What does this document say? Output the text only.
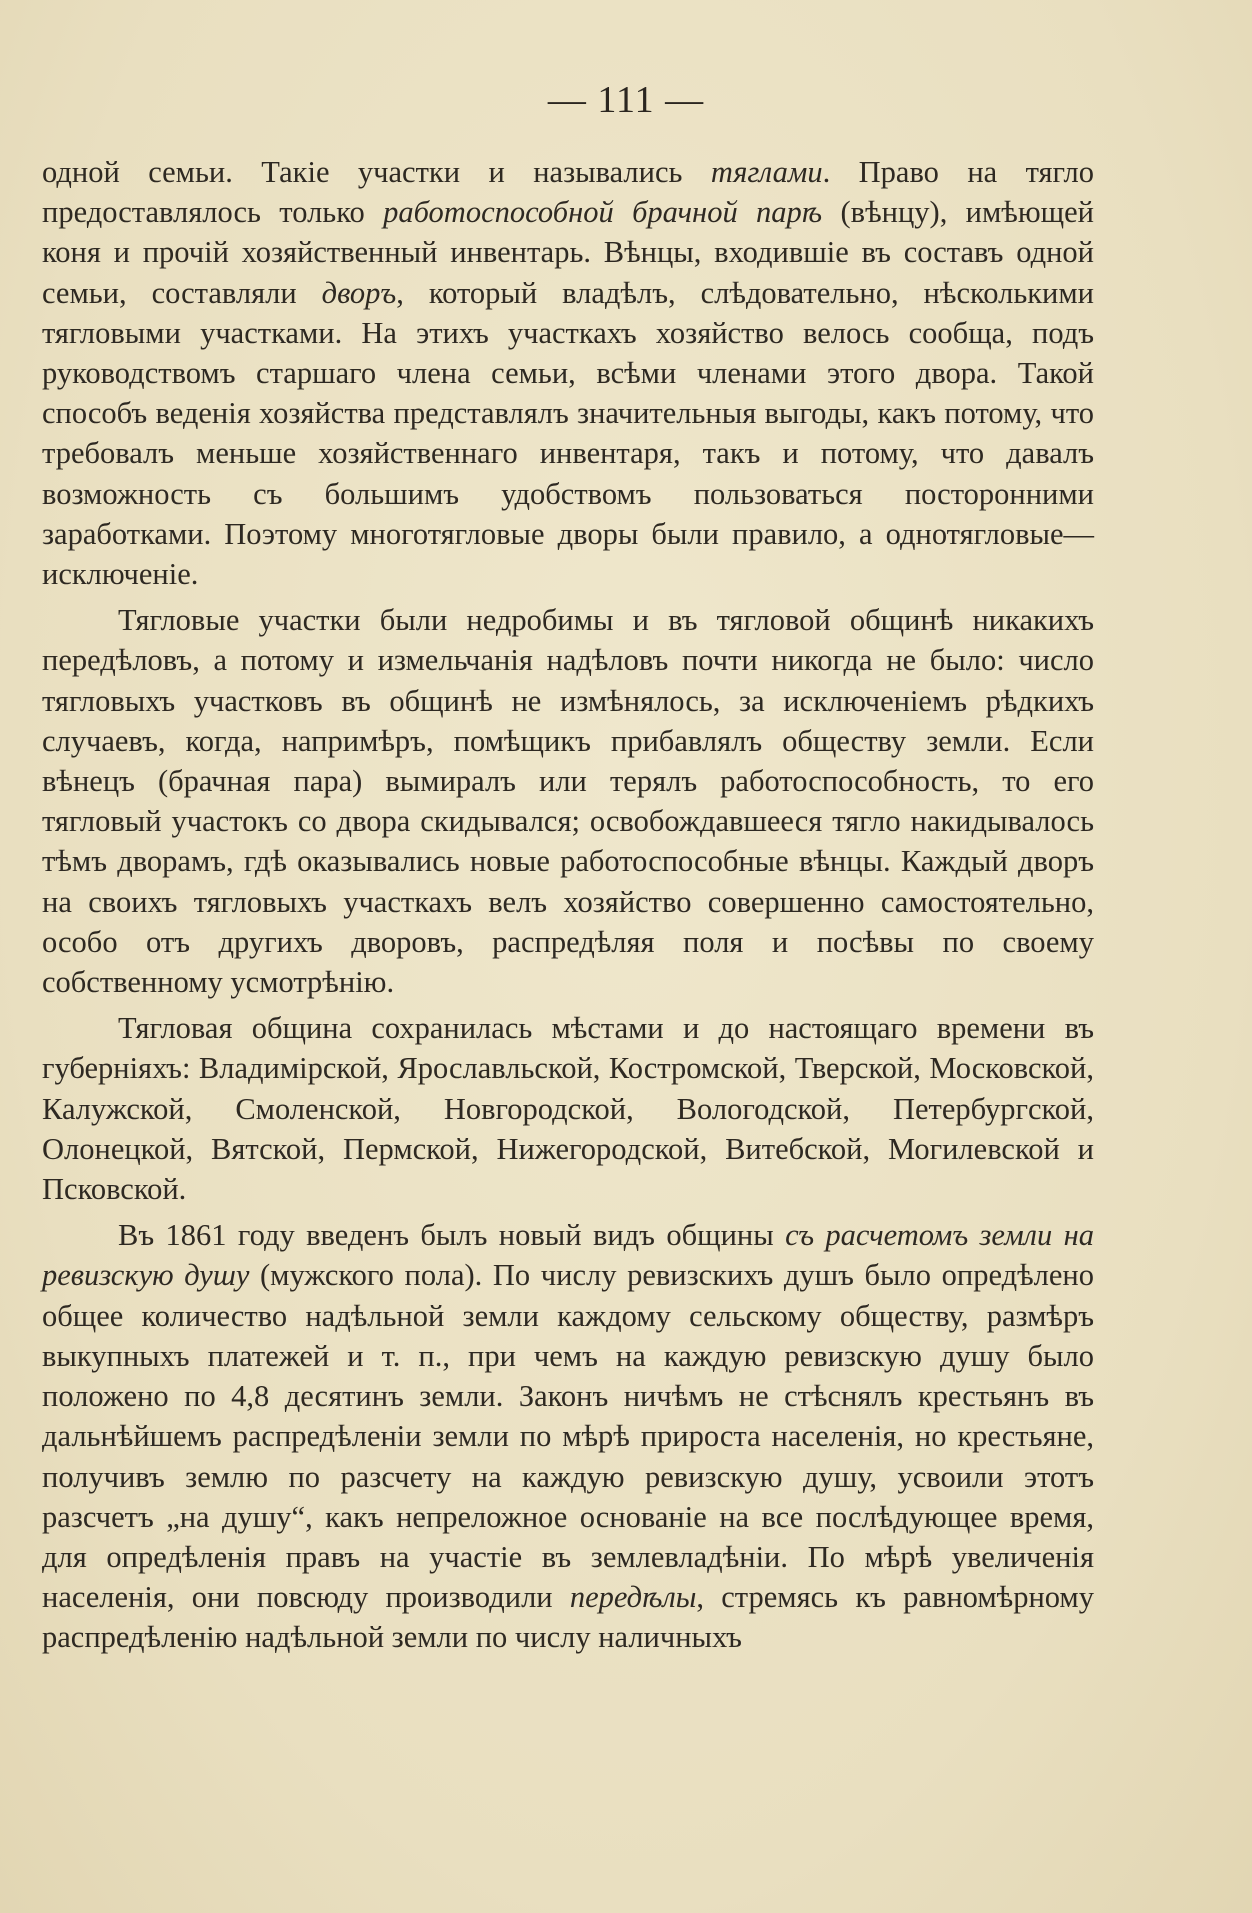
— 111 —

одной семьи. Такiе участки и назывались тяглами. Право на тягло предоставлялось только работоспособной брачной парѣ (вѣнцу), имѣющей коня и прочiй хозяйственный инвентарь. Вѣнцы, входившiе въ составъ одной семьи, составляли дворъ, который владѣлъ, слѣдовательно, нѣсколькими тягловыми участками. На этихъ участкахъ хозяйство велось сообща, подъ руководствомъ старшаго члена семьи, всѣми членами этого двора. Такой способъ веденiя хозяйства представлялъ значительныя выгоды, какъ потому, что требовалъ меньше хозяйственнаго инвентаря, такъ и потому, что давалъ возможность съ большимъ удобствомъ пользоваться посторонними заработками. Поэтому многотягловые дворы были правило, а однотягловые—исключенiе.

Тягловые участки были недробимы и въ тягловой общинѣ никакихъ передѣловъ, а потому и измельчанiя надѣловъ почти никогда не было: число тягловыхъ участковъ въ общинѣ не измѣнялось, за исключенiемъ рѣдкихъ случаевъ, когда, напримѣръ, помѣщикъ прибавлялъ обществу земли. Если вѣнецъ (брачная пара) вымиралъ или терялъ работоспособность, то его тягловый участокъ со двора скидывался; освобождавшееся тягло накидывалось тѣмъ дворамъ, гдѣ оказывались новые работоспособные вѣнцы. Каждый дворъ на своихъ тягловыхъ участкахъ велъ хозяйство совершенно самостоятельно, особо отъ другихъ дворовъ, распредѣляя поля и посѣвы по своему собственному усмотрѣнiю.

Тягловая община сохранилась мѣстами и до настоящаго времени въ губернiяхъ: Владимiрской, Ярославльской, Костромской, Тверской, Московской, Калужской, Смоленской, Новгородской, Вологодской, Петербургской, Олонецкой, Вятской, Пермской, Нижегородской, Витебской, Могилевской и Псковской.

Въ 1861 году введенъ былъ новый видъ общины съ расчетомъ земли на ревизскую душу (мужского пола). По числу ревизскихъ душъ было опредѣлено общее количество надѣльной земли каждому сельскому обществу, размѣръ выкупныхъ платежей и т. п., при чемъ на каждую ревизскую душу было положено по 4,8 десятинъ земли. Законъ ничѣмъ не стѣснялъ крестьянъ въ дальнѣйшемъ распредѣленiи земли по мѣрѣ прироста населенiя, но крестьяне, получивъ землю по разсчету на каждую ревизскую душу, усвоили этотъ разсчетъ „на душу“, какъ непреложное основанiе на все послѣдующее время, для опредѣленiя правъ на участiе въ землевладѣнiи. По мѣрѣ увеличенiя населенiя, они повсюду производили передѣлы, стремясь къ равномѣрному распредѣленiю надѣльной земли по числу наличныхъ
